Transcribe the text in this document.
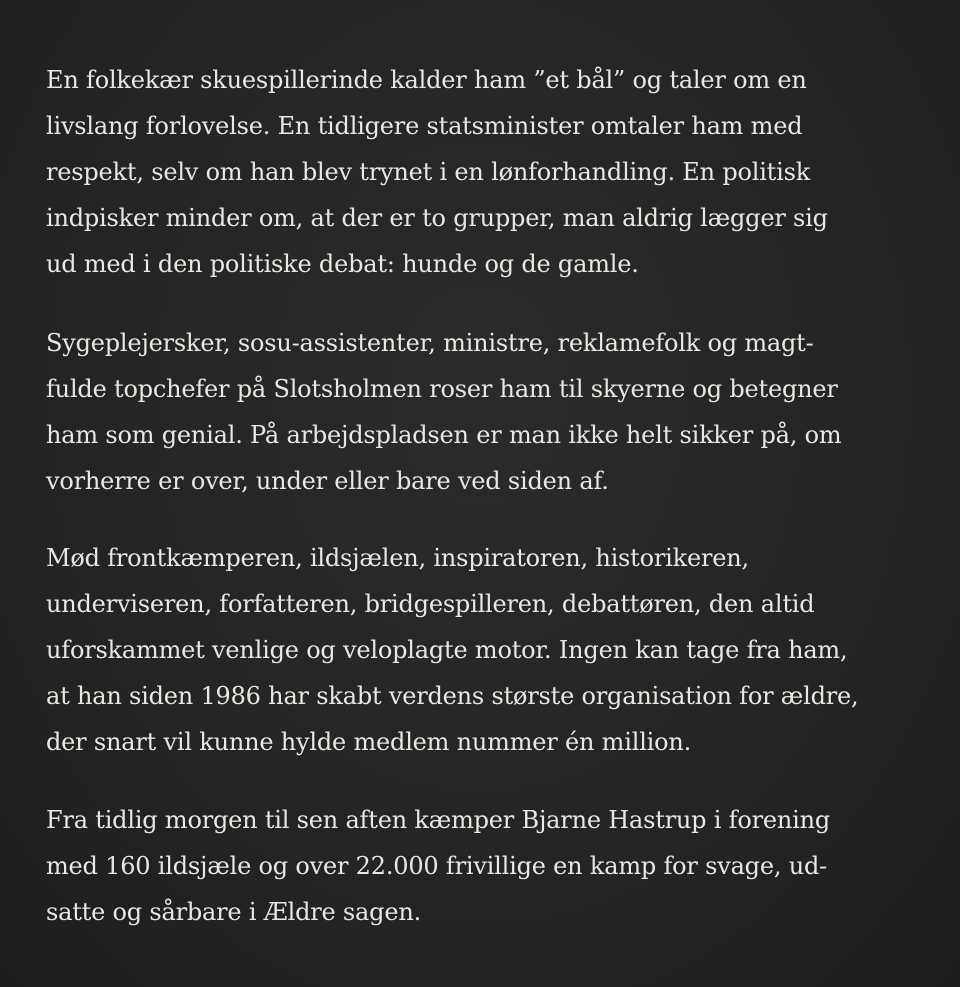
En folkekær skuespillerinde kalder ham ”et bål” og taler om en
livslang forlovelse. En tidligere statsminister omtaler ham med
respekt, selv om han blev trynet i en lønforhandling. En politisk
indpisker minder om, at der er to grupper, man aldrig lægger sig
ud med i den politiske debat: hunde og de gamle.
Sygeplejersker, sosu-assistenter, ministre, reklamefolk og magt-
fulde topchefer på Slotsholmen roser ham til skyerne og betegner
ham som genial. På arbejdspladsen er man ikke helt sikker på, om
vorherre er over, under eller bare ved siden af.
Mød frontkæmperen, ildsjælen, inspiratoren, historikeren,
underviseren, forfatteren, bridgespilleren, debattøren, den altid
uforskammet venlige og veloplagte motor. Ingen kan tage fra ham,
at han siden 1986 har skabt verdens største organisation for ældre,
der snart vil kunne hylde medlem nummer én million.
Fra tidlig morgen til sen aften kæmper Bjarne Hastrup i forening
med 160 ildsjæle og over 22.000 frivillige en kamp for svage, ud-
satte og sårbare i Ældre sagen.
